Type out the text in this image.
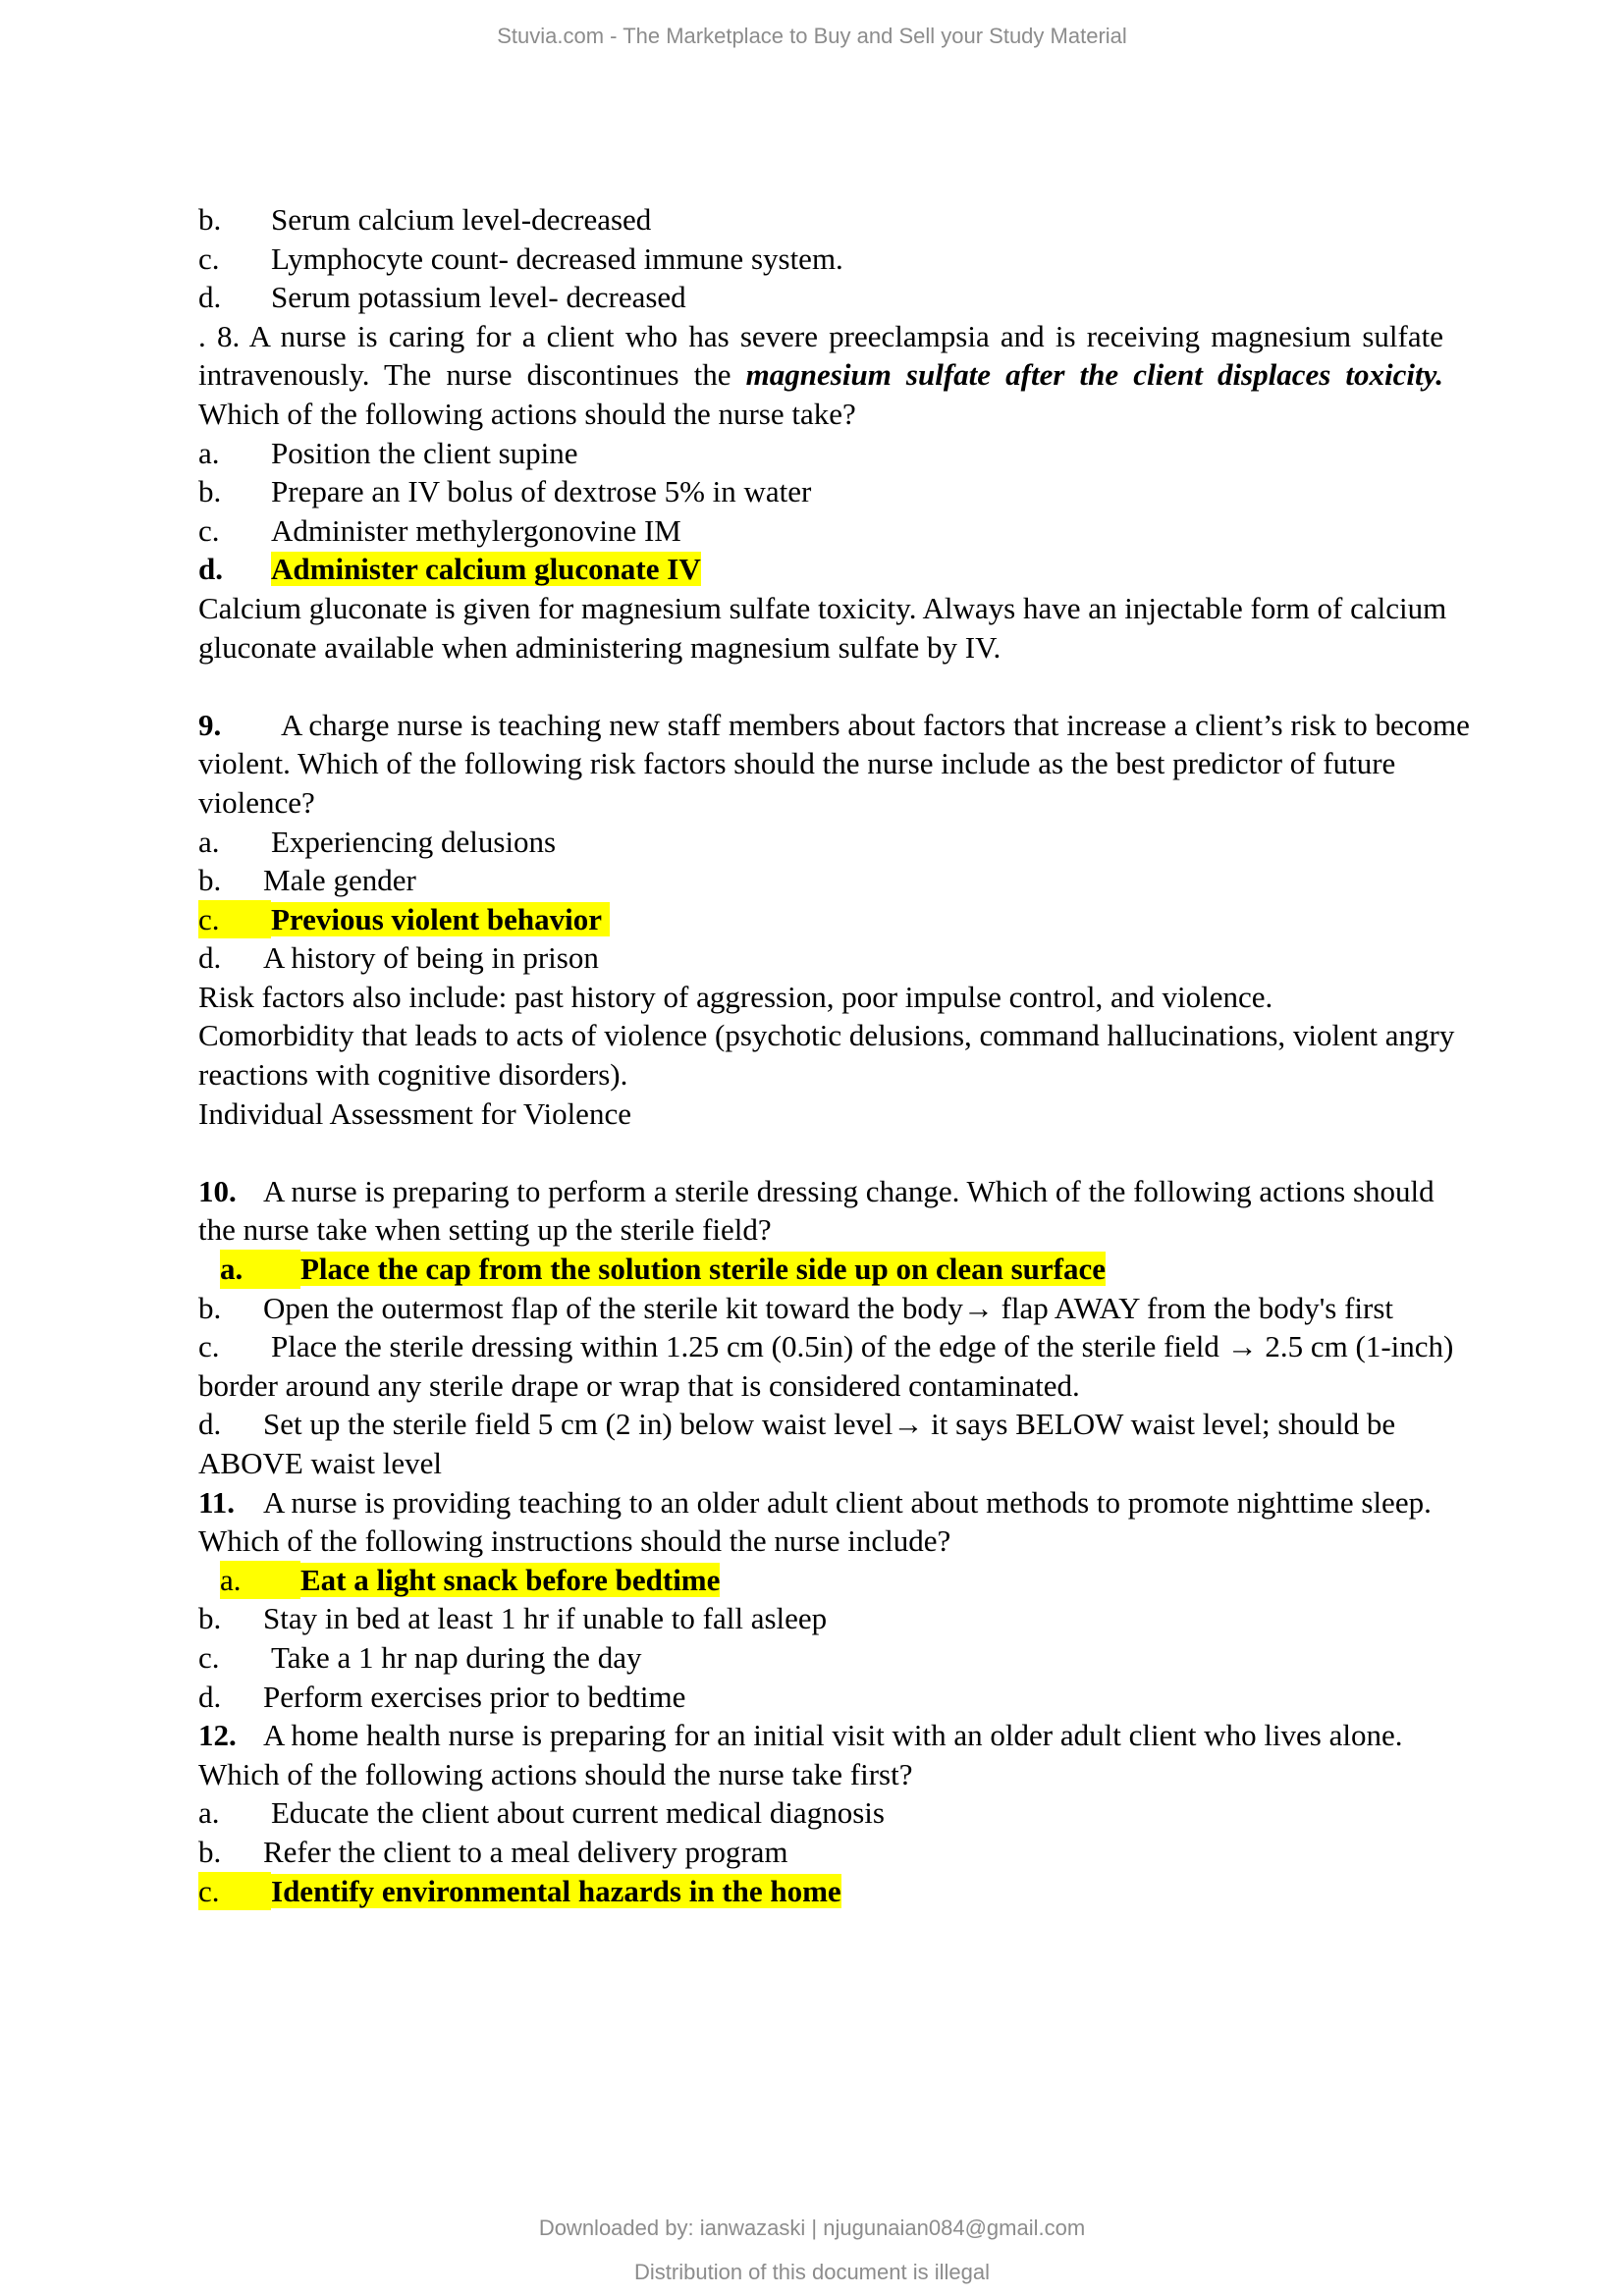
Stuvia.com - The Marketplace to Buy and Sell your Study Material
b. Serum calcium level-decreased
c. Lymphocyte count- decreased immune system.
d. Serum potassium level- decreased
. 8. A nurse is caring for a client who has severe preeclampsia and is receiving magnesium sulfate intravenously. The nurse discontinues the magnesium sulfate after the client displaces toxicity. Which of the following actions should the nurse take?
a. Position the client supine
b. Prepare an IV bolus of dextrose 5% in water
c. Administer methylergonovine IM
d. Administer calcium gluconate IV
Calcium gluconate is given for magnesium sulfate toxicity. Always have an injectable form of calcium gluconate available when administering magnesium sulfate by IV.
9. A charge nurse is teaching new staff members about factors that increase a client’s risk to become violent. Which of the following risk factors should the nurse include as the best predictor of future violence?
a. Experiencing delusions
b. Male gender
c. Previous violent behavior
d. A history of being in prison
Risk factors also include: past history of aggression, poor impulse control, and violence.
Comorbidity that leads to acts of violence (psychotic delusions, command hallucinations, violent angry reactions with cognitive disorders).
Individual Assessment for Violence
10. A nurse is preparing to perform a sterile dressing change. Which of the following actions should the nurse take when setting up the sterile field?
a. Place the cap from the solution sterile side up on clean surface
b. Open the outermost flap of the sterile kit toward the body→ flap AWAY from the body's first
c. Place the sterile dressing within 1.25 cm (0.5in) of the edge of the sterile field → 2.5 cm (1-inch) border around any sterile drape or wrap that is considered contaminated.
d. Set up the sterile field 5 cm (2 in) below waist level→ it says BELOW waist level; should be ABOVE waist level
11. A nurse is providing teaching to an older adult client about methods to promote nighttime sleep. Which of the following instructions should the nurse include?
a. Eat a light snack before bedtime
b. Stay in bed at least 1 hr if unable to fall asleep
c. Take a 1 hr nap during the day
d. Perform exercises prior to bedtime
12. A home health nurse is preparing for an initial visit with an older adult client who lives alone. Which of the following actions should the nurse take first?
a. Educate the client about current medical diagnosis
b. Refer the client to a meal delivery program
c. Identify environmental hazards in the home
Downloaded by: ianwazaski | njugunaian084@gmail.com
Distribution of this document is illegal
